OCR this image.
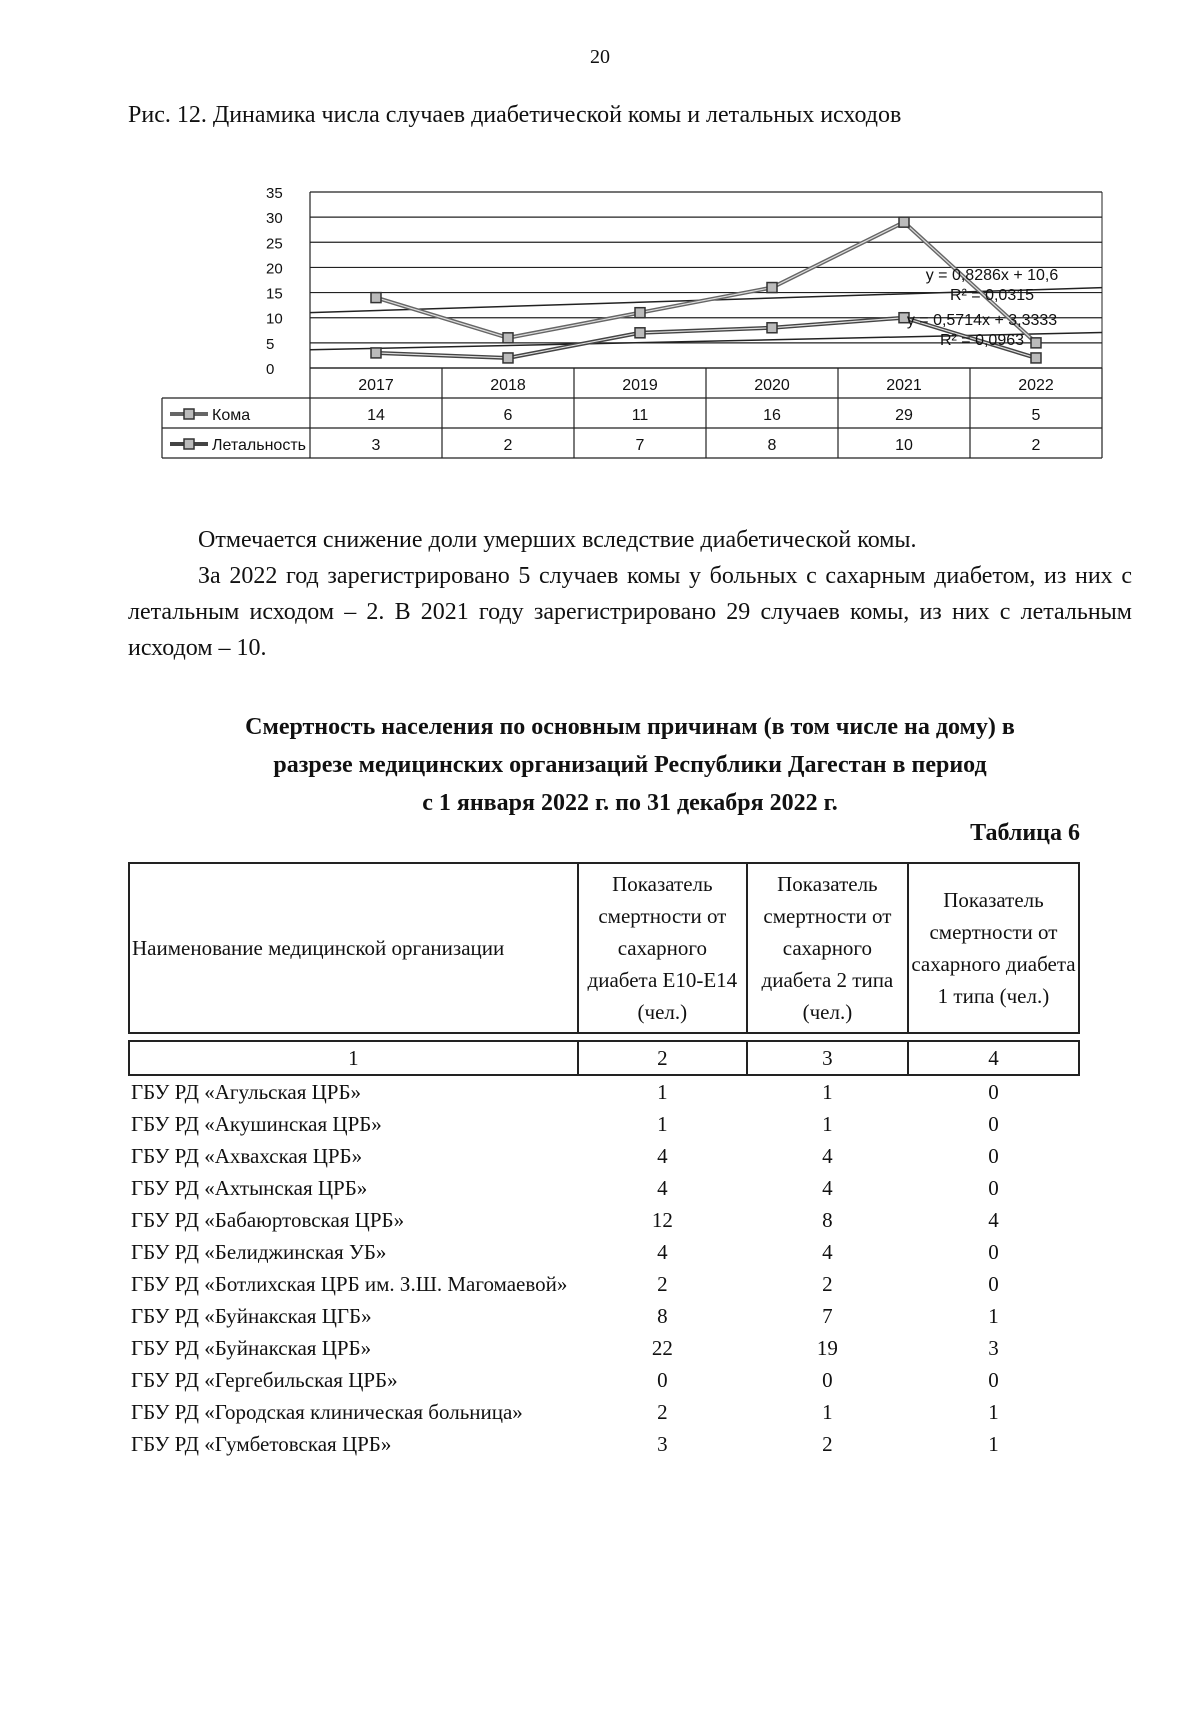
20
Рис. 12. Динамика числа случаев диабетической комы и летальных исходов
0
5
10
15
20
25
30
35
2017	2018	2019	2020	2021	2022
Кома	14	6	11	16	29	5
Летальность	3	2	7	8	10	2
y = 0,8286x + 10,6
R² = 0,0315
y = 0,5714x + 3,3333
R² = 0,0963
Отмечается снижение доли умерших вследствие диабетической комы.
За 2022 год зарегистрировано 5 случаев комы у больных с сахарным диабетом, из них с летальным исходом – 2. В 2021 году зарегистрировано 29 случаев комы, из них с летальным исходом – 10.
Смертность населения по основным причинам (в том числе на дому) в
разрезе медицинских организаций Республики Дагестан в период
с 1 января 2022 г. по 31 декабря 2022 г.
Таблица 6
Наименование медицинской организации	Показатель смертности от сахарного диабета Е10-Е14 (чел.)	Показатель смертности от сахарного диабета 2 типа (чел.)	Показатель смертности от сахарного диабета 1 типа (чел.)

1	2	3	4
ГБУ РД «Агульская ЦРБ»	1	1	0
ГБУ РД «Акушинская ЦРБ»	1	1	0
ГБУ РД «Ахвахская ЦРБ»	4	4	0
ГБУ РД «Ахтынская ЦРБ»	4	4	0
ГБУ РД «Бабаюртовская ЦРБ»	12	8	4
ГБУ РД «Белиджинская УБ»	4	4	0
ГБУ РД «Ботлихская ЦРБ им. З.Ш. Магомаевой»	2	2	0
ГБУ РД «Буйнакская ЦГБ»	8	7	1
ГБУ РД «Буйнакская ЦРБ»	22	19	3
ГБУ РД «Гергебильская ЦРБ»	0	0	0
ГБУ РД «Городская клиническая больница»	2	1	1
ГБУ РД «Гумбетовская ЦРБ»	3	2	1
